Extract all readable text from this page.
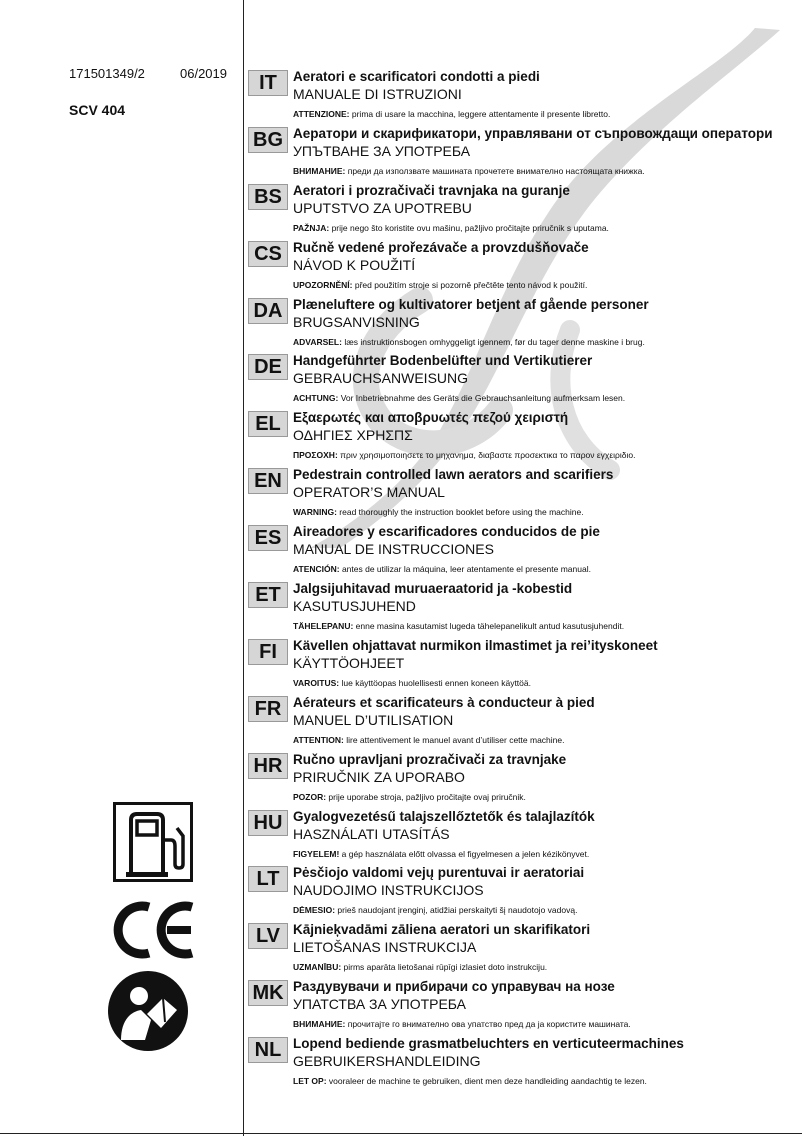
171501349/2	06/2019
SCV 404
IT	Aeratori e scarificatori condotti a piedi
MANUALE DI ISTRUZIONI
ATTENZIONE: prima di usare la macchina, leggere attentamente il presente libretto.
BG Аератори и скарификатори, управлявани от съпровождащи оператори
УПЪТВАНЕ ЗА УПОТРЕБА
ВНИМАНИЕ: преди да използвате машината прочетете внимателно настоящата книжка.
BS Aeratori i prozračivači travnjaka na guranje
UPUTSTVO ZA UPOTREBU
PAŽNJA: prije nego što koristite ovu mašinu, pažljivo pročitajte priručnik s uputama.
CS Ručně vedené prořezávače a provzdušňovače
NÁVOD K POUŽITÍ
UPOZORNĚNÍ: před použitím stroje si pozorně přečtěte tento návod k použití.
DA Plæneluftere og kultivatorer betjent af gående personer
BRUGSANVISNING
ADVARSEL: læs instruktionsbogen omhyggeligt igennem, før du tager denne maskine i brug.
DE Handgeführter Bodenbelüfter und Vertikutierer
GEBRAUCHSANWEISUNG
ACHTUNG: Vor Inbetriebnahme des Geräts die Gebrauchsanleitung aufmerksam lesen.
EL Εξαερωτές και αποβρυωτές πεζού χειριστή
ΟΔΗΓΙΕΣ ΧΡΗΣΠΣ
ΠΡΟΣΟΧΗ: πριν χρησιμοποιησετε το μηχανημα, διαβαστε προσεκτικα το παρον εγχειριδιο.
EN Pedestrain controlled lawn aerators and scarifiers
OPERATOR’S MANUAL
WARNING: read thoroughly the instruction booklet before using the machine.
ES Aireadores y escarificadores conducidos de pie
MANUAL DE INSTRUCCIONES
ATENCIÓN: antes de utilizar la máquina, leer atentamente el presente manual.
ET Jalgsijuhitavad muruaeraatorid ja -kobestid
KASUTUSJUHEND
TÄHELEPANU: enne masina kasutamist lugeda tähelepanelikult antud kasutusjuhendit.
FI	Kävellen ohjattavat nurmikon ilmastimet ja rei’ityskoneet
KÄYTTÖOHJEET
VAROITUS: lue käyttöopas huolellisesti ennen koneen käyttöä.
FR Aérateurs et scarificateurs à conducteur à pied
MANUEL D’UTILISATION
ATTENTION: lire attentivement le manuel avant d’utiliser cette machine.
HR Ručno upravljani prozračivači za travnjake
PRIRUČNIK ZA UPORABO
POZOR: prije uporabe stroja, pažljivo pročitajte ovaj priručnik.
HU Gyalogvezetésű talajszellőztetők és talajlazítók
HASZNÁLATI UTASÍTÁS
FIGYELEM! a gép használata előtt olvassa el figyelmesen a jelen kézikönyvet.
LT	Pėsčiojo valdomi vejų purentuvai ir aeratoriai
NAUDOJIMO INSTRUKCIJOS
DĖMESIO: prieš naudojant įrenginį, atidžiai perskaityti šį naudotojo vadovą.
LV Kājnieķvadāmi zāliena aeratori un skarifikatori
LIETOŠANAS INSTRUKCIJA
UZMANĪBU: pirms aparāta lietošanai rūpīgi izlasiet doto instrukciju.
MK Раздувувачи и прибирачи со управувач на нозе
УПАТСТВА ЗА УПОТРЕБА
ВНИМАНИЕ: прочитајте го внимателно ова упатство пред да ја користите машината.
NL Lopend bediende grasmatbeluchters en verticuteermachines
GEBRUIKERSHANDLEIDING
LET OP: vooraleer de machine te gebruiken, dient men deze handleiding aandachtig te lezen.
